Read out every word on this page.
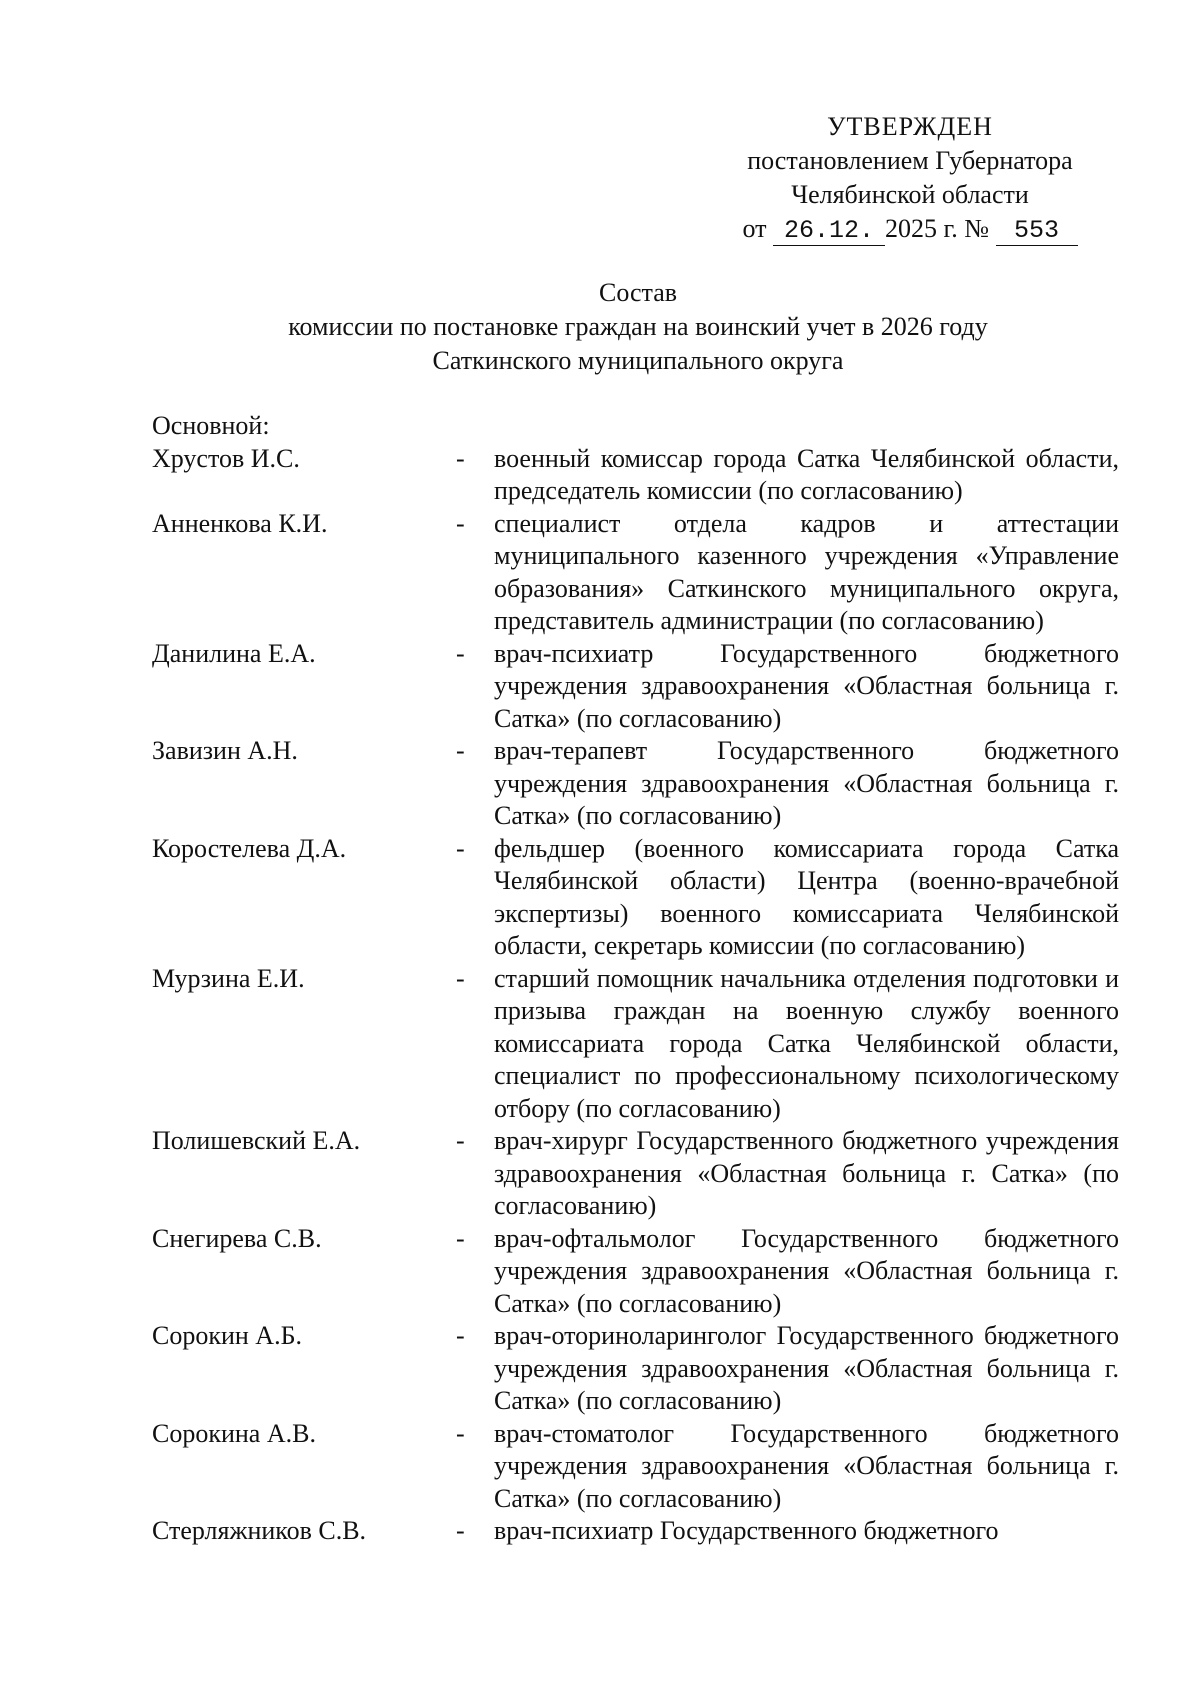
УТВЕРЖДЕН
постановлением Губернатора
Челябинской области
от 26.12. 2025 г. № 553
Состав
комиссии по постановке граждан на воинский учет в 2026 году
Саткинского муниципального округа
Основной:
Хрустов И.С.	-	военный комиссар города Сатка Челябинской области, председатель комиссии (по согласованию)
Анненкова К.И.	-	специалист отдела кадров и аттестации муниципального казенного учреждения «Управление образования» Саткинского муниципального округа, представитель администрации (по согласованию)
Данилина Е.А.	-	врач-психиатр Государственного бюджетного учреждения здравоохранения «Областная больница г. Сатка» (по согласованию)
Завизин А.Н.	-	врач-терапевт Государственного бюджетного учреждения здравоохранения «Областная больница г. Сатка» (по согласованию)
Коростелева Д.А.	-	фельдшер (военного комиссариата города Сатка Челябинской области) Центра (военно-врачебной экспертизы) военного комиссариата Челябинской области, секретарь комиссии (по согласованию)
Мурзина Е.И.	-	старший помощник начальника отделения подготовки и призыва граждан на военную службу военного комиссариата города Сатка Челябинской области, специалист по профессиональному психологическому отбору (по согласованию)
Полишевский Е.А.	-	врач-хирург Государственного бюджетного учреждения здравоохранения «Областная больница г. Сатка» (по согласованию)
Снегирева С.В.	-	врач-офтальмолог Государственного бюджетного учреждения здравоохранения «Областная больница г. Сатка» (по согласованию)
Сорокин А.Б.	-	врач-оториноларинголог Государственного бюджетного учреждения здравоохранения «Областная больница г. Сатка» (по согласованию)
Сорокина А.В.	-	врач-стоматолог Государственного бюджетного учреждения здравоохранения «Областная больница г. Сатка» (по согласованию)
Стерляжников С.В.	-	врач-психиатр Государственного бюджетного
